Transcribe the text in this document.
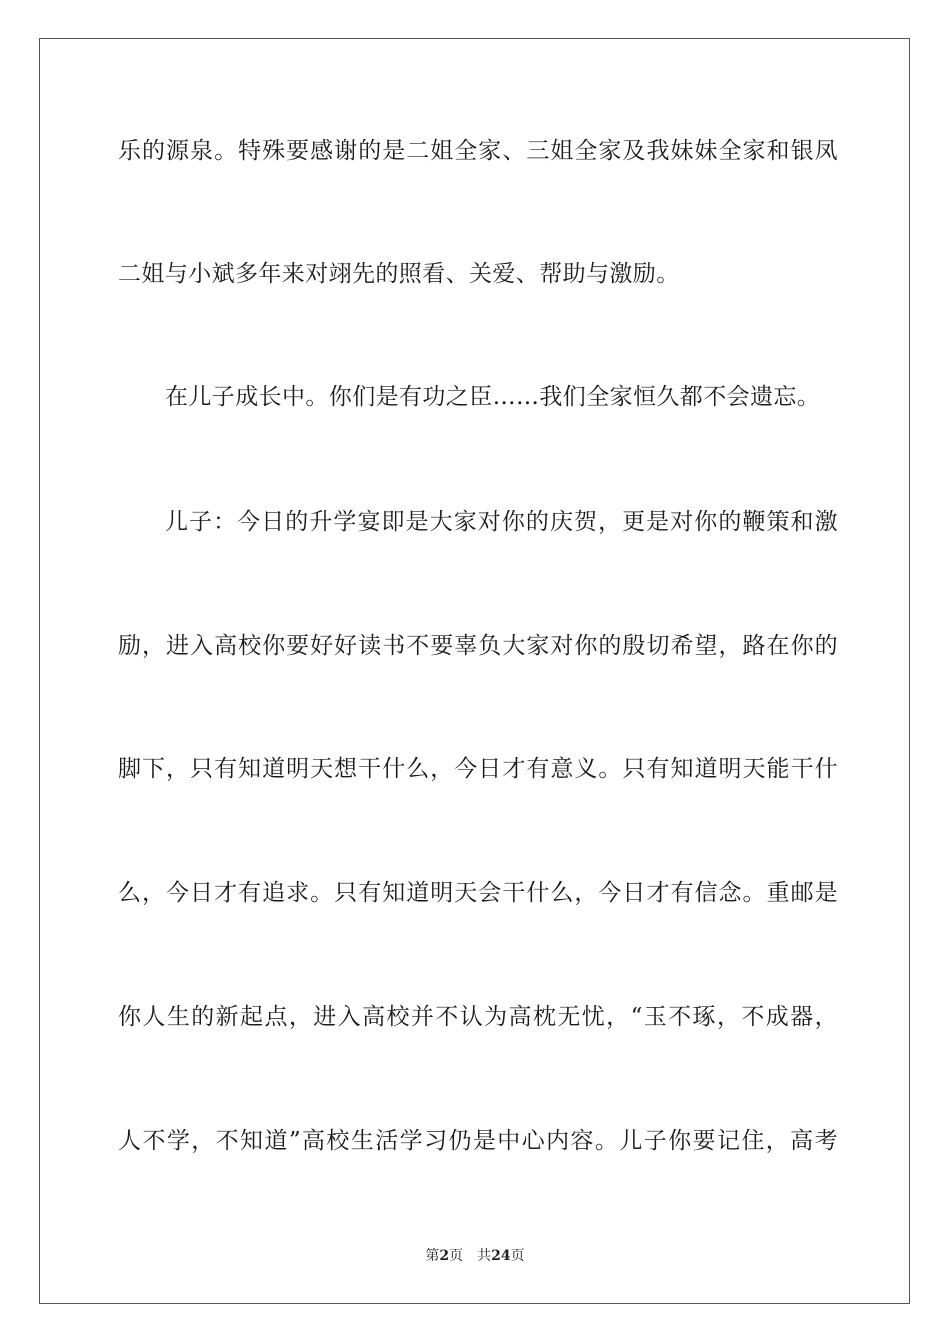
乐的源泉。特殊要感谢的是二姐全家、三姐全家及我妹妹全家和银凤
二姐与小斌多年来对翊先的照看、关爱、帮助与激励。
在儿子成长中。你们是有功之臣……我们全家恒久都不会遗忘。
儿子：今日的升学宴即是大家对你的庆贺，更是对你的鞭策和激
励，进入高校你要好好读书不要辜负大家对你的殷切希望，路在你的
脚下，只有知道明天想干什么，今日才有意义。只有知道明天能干什
么，今日才有追求。只有知道明天会干什么，今日才有信念。重邮是
你人生的新起点，进入高校并不认为高枕无忧，“玉不琢，不成器，
人不学，不知道”高校生活学习仍是中心内容。儿子你要记住，高考
第2页 共24页
